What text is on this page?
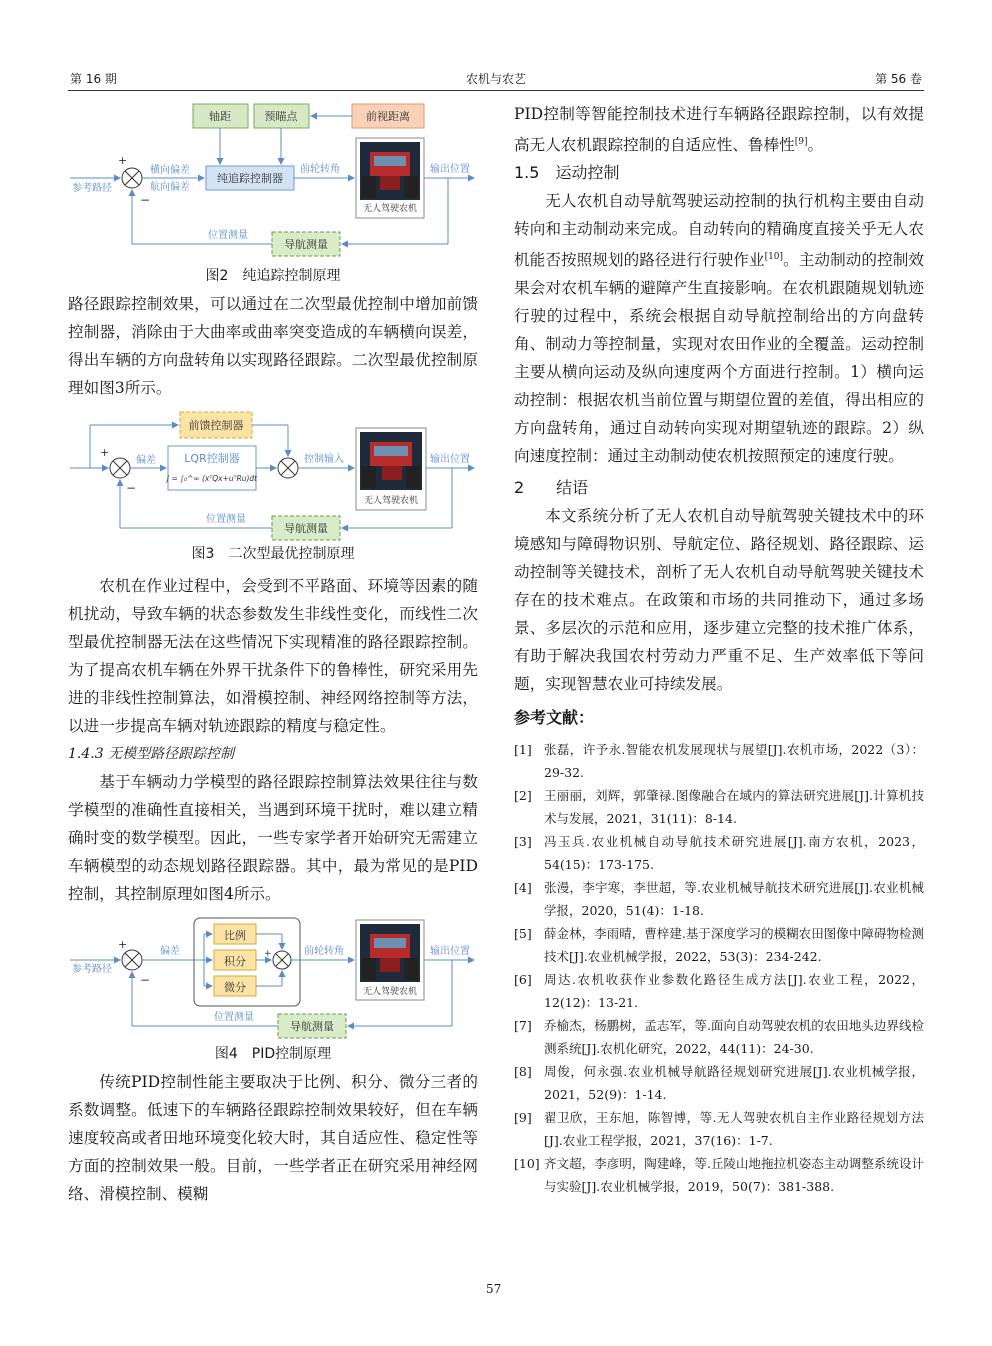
第 16 期	农机与农艺	第 56 卷
轴距	预瞄点	前视距离
纯追踪控制器
参考路径
+
−
横向偏差
航向偏差
前轮转角
无人驾驶农机
输出位置
导航测量
位置测量

图2　纯追踪控制原理

路径跟踪控制效果，可以通过在二次型最优控制中增加前馈控制器，消除由于大曲率或曲率突变造成的车辆横向误差，得出车辆的方向盘转角以实现路径跟踪。二次型最优控制原理如图3所示。

前馈控制器
+
−
偏差	LQR控制器
J = ∫₀^∞ (xᵀQx+uᵀRu)dt
控制输入
无人驾驶农机
输出位置
导航测量
位置测量

图3　二次型最优控制原理

农机在作业过程中，会受到不平路面、环境等因素的随机扰动，导致车辆的状态参数发生非线性变化，而线性二次型最优控制器无法在这些情况下实现精准的路径跟踪控制。为了提高农机车辆在外界干扰条件下的鲁棒性，研究采用先进的非线性控制算法，如滑模控制、神经网络控制等方法，以进一步提高车辆对轨迹跟踪的精度与稳定性。

1.4.3 无模型路径跟踪控制

基于车辆动力学模型的路径跟踪控制算法效果往往与数学模型的准确性直接相关，当遇到环境干扰时，难以建立精确时变的数学模型。因此，一些专家学者开始研究无需建立车辆模型的动态规划路径跟踪器。其中，最为常见的是PID控制，其控制原理如图4所示。

比例
积分
微分
参考路径
+
−
偏差	+	前轮转角
无人驾驶农机
输出位置
导航测量
位置测量

图4　PID控制原理

传统PID控制性能主要取决于比例、积分、微分三者的系数调整。低速下的车辆路径跟踪控制效果较好，但在车辆速度较高或者田地环境变化较大时，其自适应性、稳定性等方面的控制效果一般。目前，一些学者正在研究采用神经网络、滑模控制、模糊

PID控制等智能控制技术进行车辆路径跟踪控制，以有效提高无人农机跟踪控制的自适应性、鲁棒性[9]。

1.5　运动控制

无人农机自动导航驾驶运动控制的执行机构主要由自动转向和主动制动来完成。自动转向的精确度直接关乎无人农机能否按照规划的路径进行行驶作业[10]。主动制动的控制效果会对农机车辆的避障产生直接影响。在农机跟随规划轨迹行驶的过程中，系统会根据自动导航控制给出的方向盘转角、制动力等控制量，实现对农田作业的全覆盖。运动控制主要从横向运动及纵向速度两个方面进行控制。1）横向运动控制：根据农机当前位置与期望位置的差值，得出相应的方向盘转角，通过自动转向实现对期望轨迹的跟踪。2）纵向速度控制：通过主动制动使农机按照预定的速度行驶。

2　　结语

本文系统分析了无人农机自动导航驾驶关键技术中的环境感知与障碍物识别、导航定位、路径规划、路径跟踪、运动控制等关键技术，剖析了无人农机自动导航驾驶关键技术存在的技术难点。在政策和市场的共同推动下，通过多场景、多层次的示范和应用，逐步建立完整的技术推广体系，有助于解决我国农村劳动力严重不足、生产效率低下等问题，实现智慧农业可持续发展。

参考文献：

[1] 张磊，许予永.智能农机发展现状与展望[J].农机市场，2022（3）：29-32.
[2] 王丽丽，刘辉，郭肇禄.图像融合在域内的算法研究进展[J].计算机技术与发展，2021，31(11)：8-14.
[3] 冯玉兵.农业机械自动导航技术研究进展[J].南方农机，2023，54(15)：173-175.
[4] 张漫，李宇寒，李世超，等.农业机械导航技术研究进展[J].农业机械学报，2020，51(4)：1-18.
[5] 薛金林，李雨晴，曹梓建.基于深度学习的模糊农田图像中障碍物检测技术[J].农业机械学报，2022，53(3)：234-242.
[6] 周达.农机收获作业参数化路径生成方法[J].农业工程，2022，12(12)：13-21.
[7] 乔榆杰，杨鹏树，孟志军，等.面向自动驾驶农机的农田地头边界线检测系统[J].农机化研究，2022，44(11)：24-30.
[8] 周俊，何永强.农业机械导航路径规划研究进展[J].农业机械学报，2021，52(9)：1-14.
[9] 翟卫欣，王东旭，陈智博，等.无人驾驶农机自主作业路径规划方法[J].农业工程学报，2021，37(16)：1-7.
[10] 齐文超，李彦明，陶建峰，等.丘陵山地拖拉机姿态主动调整系统设计与实验[J].农业机械学报，2019，50(7)：381-388.
57
